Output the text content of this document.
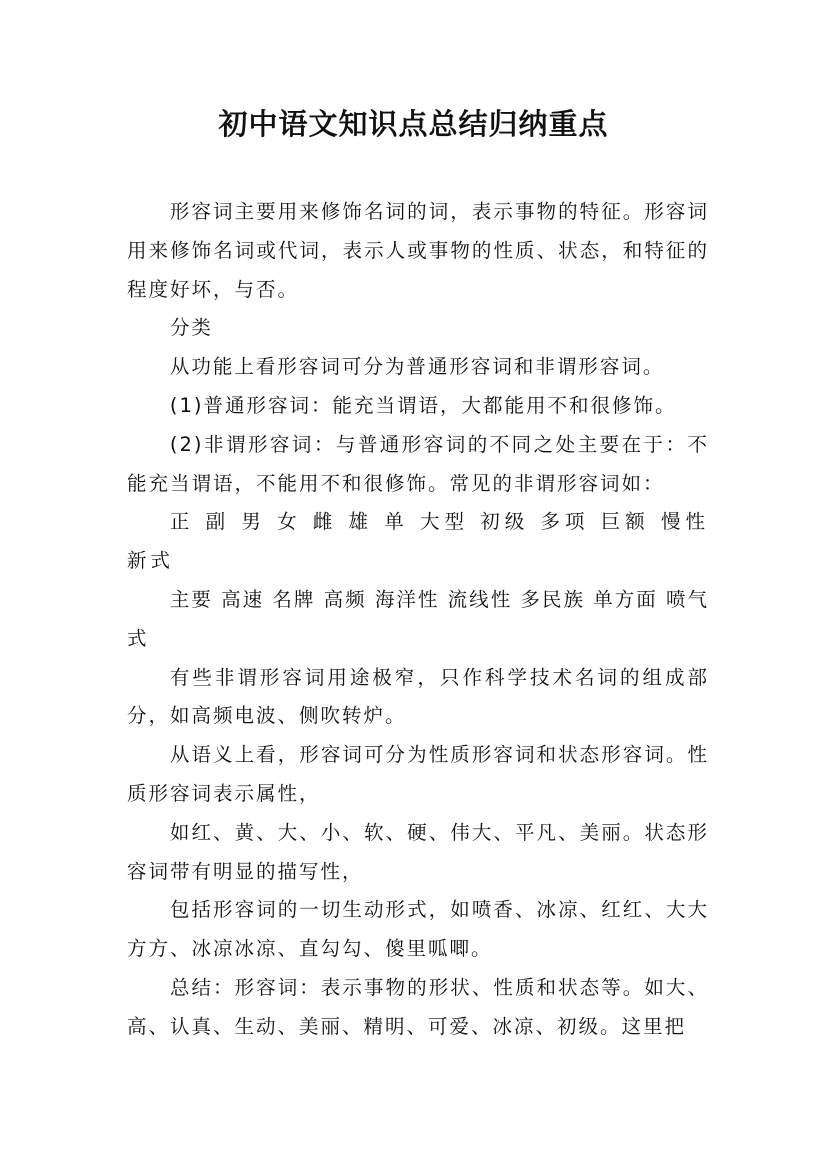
初中语文知识点总结归纳重点

形容词主要用来修饰名词的词，表示事物的特征。形容词用来修饰名词或代词，表示人或事物的性质、状态，和特征的程度好坏，与否。

分类

从功能上看形容词可分为普通形容词和非谓形容词。

(1)普通形容词：能充当谓语，大都能用不和很修饰。

(2)非谓形容词：与普通形容词的不同之处主要在于：不能充当谓语，不能用不和很修饰。常见的非谓形容词如：

正 副 男 女 雌 雄 单 大型 初级 多项 巨额 慢性 新式

主要 高速 名牌 高频 海洋性 流线性 多民族 单方面 喷气式

有些非谓形容词用途极窄，只作科学技术名词的组成部分，如高频电波、侧吹转炉。

从语义上看，形容词可分为性质形容词和状态形容词。性质形容词表示属性，

如红、黄、大、小、软、硬、伟大、平凡、美丽。状态形容词带有明显的描写性，

包括形容词的一切生动形式，如喷香、冰凉、红红、大大方方、冰凉冰凉、直勾勾、傻里呱唧。

总结：形容词：表示事物的形状、性质和状态等。如大、高、认真、生动、美丽、精明、可爱、冰凉、初级。这里把
